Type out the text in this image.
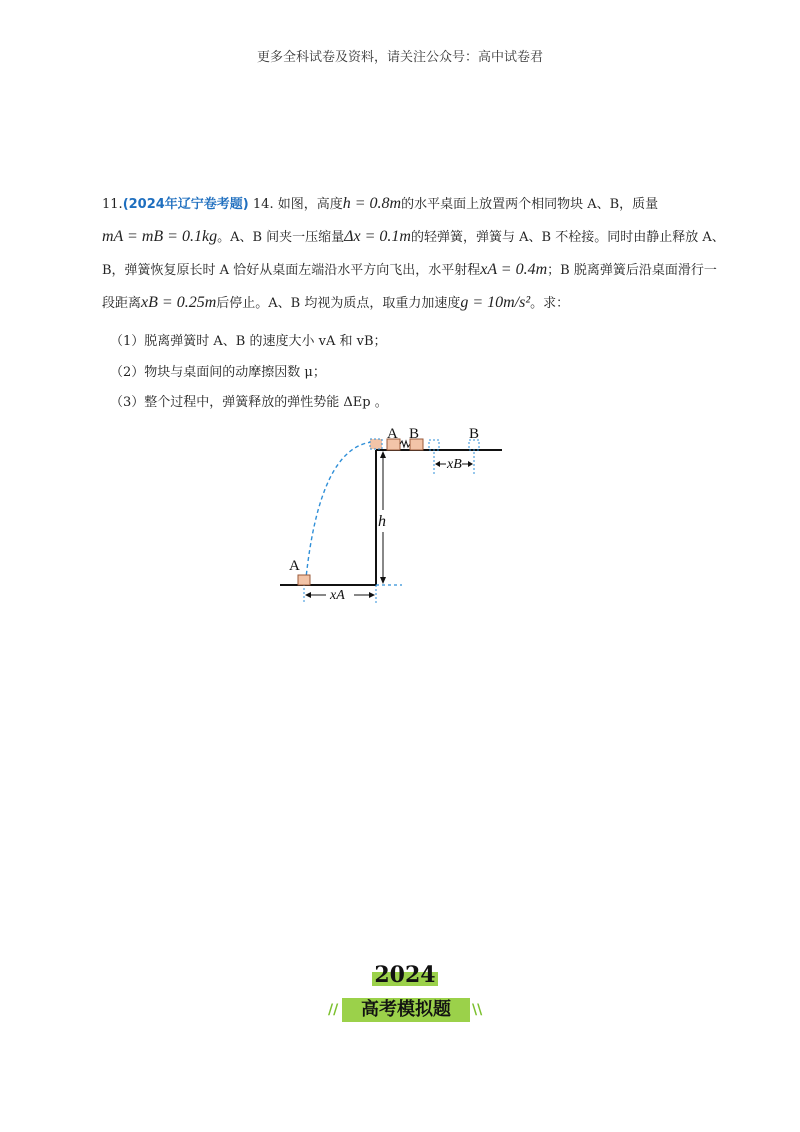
更多全科试卷及资料，请关注公众号：高中试卷君
11.(2024年辽宁卷考题) 14. 如图，高度h = 0.8m的水平桌面上放置两个相同物块 A、B，质量
mA = mB = 0.1kg。A、B 间夹一压缩量Δx = 0.1m的轻弹簧，弹簧与 A、B 不栓接。同时由静止释放 A、
B，弹簧恢复原长时 A 恰好从桌面左端沿水平方向飞出，水平射程xA = 0.4m；B 脱离弹簧后沿桌面滑行一
段距离xB = 0.25m后停止。A、B 均视为质点，取重力加速度g = 10m/s²。求：
（1）脱离弹簧时 A、B 的速度大小 vA 和 vB；
（2）物块与桌面间的动摩擦因数 μ；
（3）整个过程中，弹簧释放的弹性势能 ΔEp 。
A B	B
A
h
xB
xA
2024
//	高考模拟题	\\
